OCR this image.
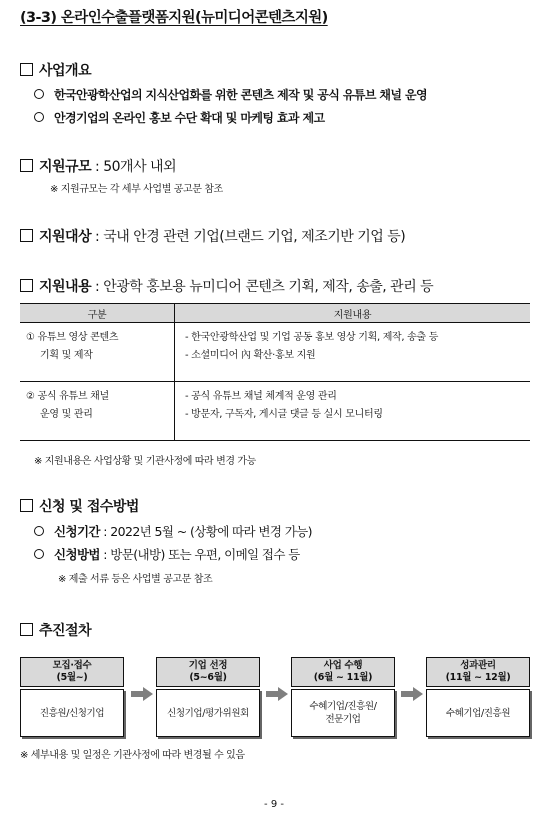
(3-3) 온라인수출플랫폼지원(뉴미디어콘텐츠지원)
사업개요
한국안광학산업의 지식산업화를 위한 콘텐츠 제작 및 공식 유튜브 채널 운영
안경기업의 온라인 홍보 수단 확대 및 마케팅 효과 제고
지원규모 : 50개사 내외
※ 지원규모는 각 세부 사업별 공고문 참조
지원대상 : 국내 안경 관련 기업(브랜드 기업, 제조기반 기업 등)
지원내용 : 안광학 홍보용 뉴미디어 콘텐츠 기획, 제작, 송출, 관리 등
구분	지원내용

① 유튜브 영상 콘텐츠
기획 및 제작	- 한국안광학산업 및 기업 공동 홍보 영상 기획, 제작, 송출 등
- 소셜미디어 內 확산·홍보 지원

② 공식 유튜브 채널
운영 및 관리	- 공식 유튜브 채널 체계적 운영 관리
- 방문자, 구독자, 게시글 댓글 등 실시 모니터링
※ 지원내용은 사업상황 및 기관사정에 따라 변경 가능
신청 및 접수방법
신청기간 : 2022년 5월 ~ (상황에 따라 변경 가능)
신청방법 : 방문(내방) 또는 우편, 이메일 접수 등
※ 제출 서류 등은 사업별 공고문 참조
추진절차
모집·접수
(5월~)
진흥원/신청기업
기업 선정
(5~6월)
신청기업/평가위원회
사업 수행
(6월 ~ 11월)
수혜기업/진흥원/
전문기업
성과관리
(11월 ~ 12월)
수혜기업/진흥원
※ 세부내용 및 일정은 기관사정에 따라 변경될 수 있음
- 9 -
